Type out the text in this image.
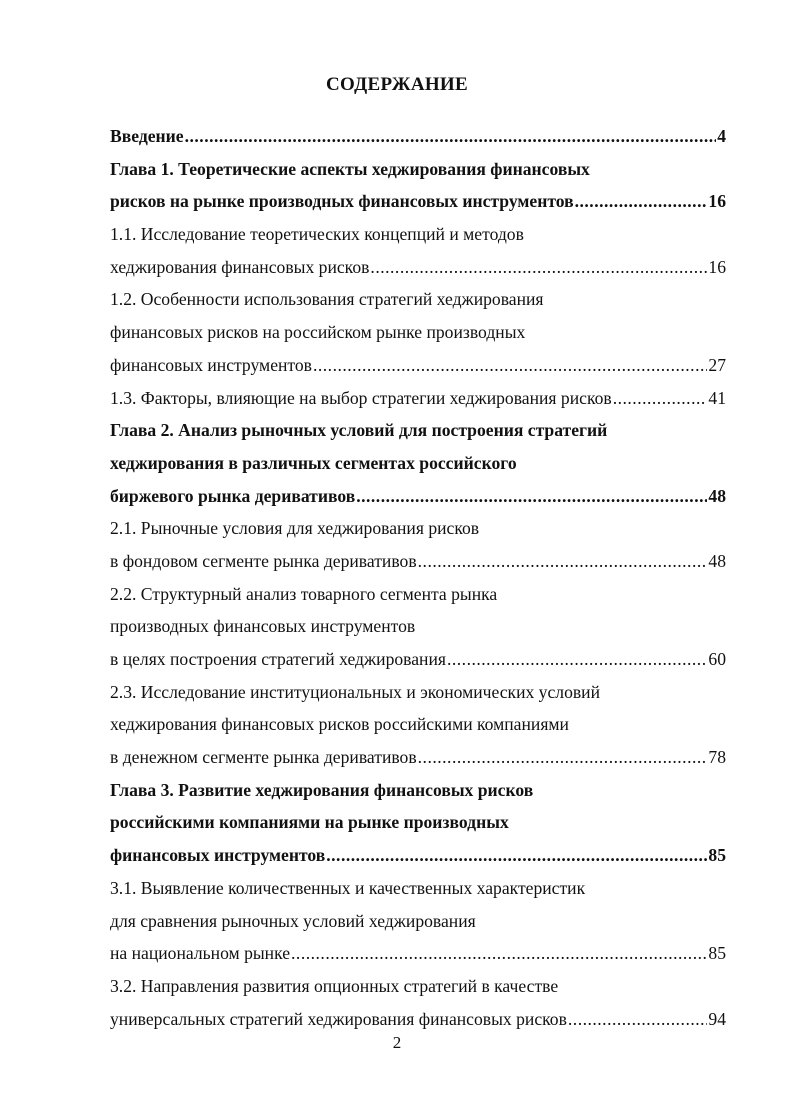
СОДЕРЖАНИЕ
Введение .....	4
Глава 1. Теоретические аспекты хеджирования финансовых
рисков на рынке производных финансовых инструментов .....	16
1.1. Исследование теоретических концепций и методов
хеджирования финансовых рисков .....	16
1.2. Особенности использования стратегий хеджирования
финансовых рисков на российском рынке производных
финансовых инструментов .....	27
1.3. Факторы, влияющие на выбор стратегии хеджирования рисков .....	41
Глава 2. Анализ рыночных условий для построения стратегий
хеджирования в различных сегментах российского
биржевого рынка деривативов .....	48
2.1. Рыночные условия для хеджирования рисков
в фондовом сегменте рынка деривативов .....	48
2.2. Структурный анализ товарного сегмента рынка
производных финансовых инструментов
в целях построения стратегий хеджирования .....	60
2.3. Исследование институциональных и экономических условий
хеджирования финансовых рисков российскими компаниями
в денежном сегменте рынка деривативов .....	78
Глава 3. Развитие хеджирования финансовых рисков
российскими компаниями на рынке производных
финансовых инструментов .....	85
3.1. Выявление количественных и качественных характеристик
для сравнения рыночных условий хеджирования
на национальном рынке .....	85
3.2. Направления развития опционных стратегий в качестве
универсальных стратегий хеджирования финансовых рисков .....	94
2
